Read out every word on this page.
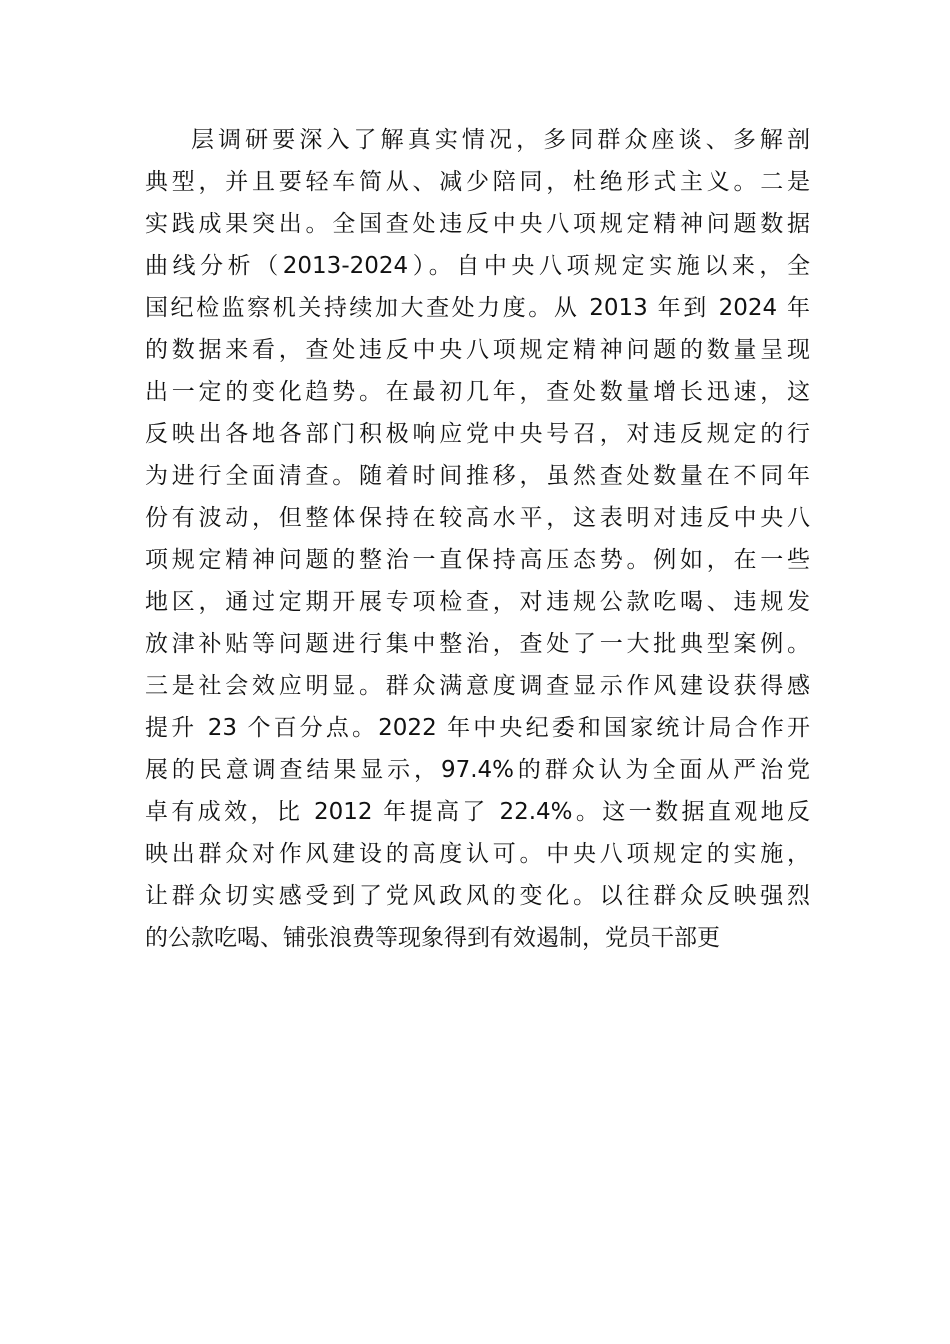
层调研要深入了解真实情况，多同群众座谈、多解剖
典型，并且要轻车简从、减少陪同，杜绝形式主义。二是
实践成果突出。全国查处违反中央八项规定精神问题数据
曲线分析（2013-2024）。自中央八项规定实施以来，全
国纪检监察机关持续加大查处力度。从 2013 年到 2024 年
的数据来看，查处违反中央八项规定精神问题的数量呈现
出一定的变化趋势。在最初几年，查处数量增长迅速，这
反映出各地各部门积极响应党中央号召，对违反规定的行
为进行全面清查。随着时间推移，虽然查处数量在不同年
份有波动，但整体保持在较高水平，这表明对违反中央八
项规定精神问题的整治一直保持高压态势。例如，在一些
地区，通过定期开展专项检查，对违规公款吃喝、违规发
放津补贴等问题进行集中整治，查处了一大批典型案例。
三是社会效应明显。群众满意度调查显示作风建设获得感
提升 23 个百分点。2022 年中央纪委和国家统计局合作开
展的民意调查结果显示，97.4%的群众认为全面从严治党
卓有成效，比 2012 年提高了 22.4%。这一数据直观地反
映出群众对作风建设的高度认可。中央八项规定的实施，
让群众切实感受到了党风政风的变化。以往群众反映强烈
的公款吃喝、铺张浪费等现象得到有效遏制，党员干部更
